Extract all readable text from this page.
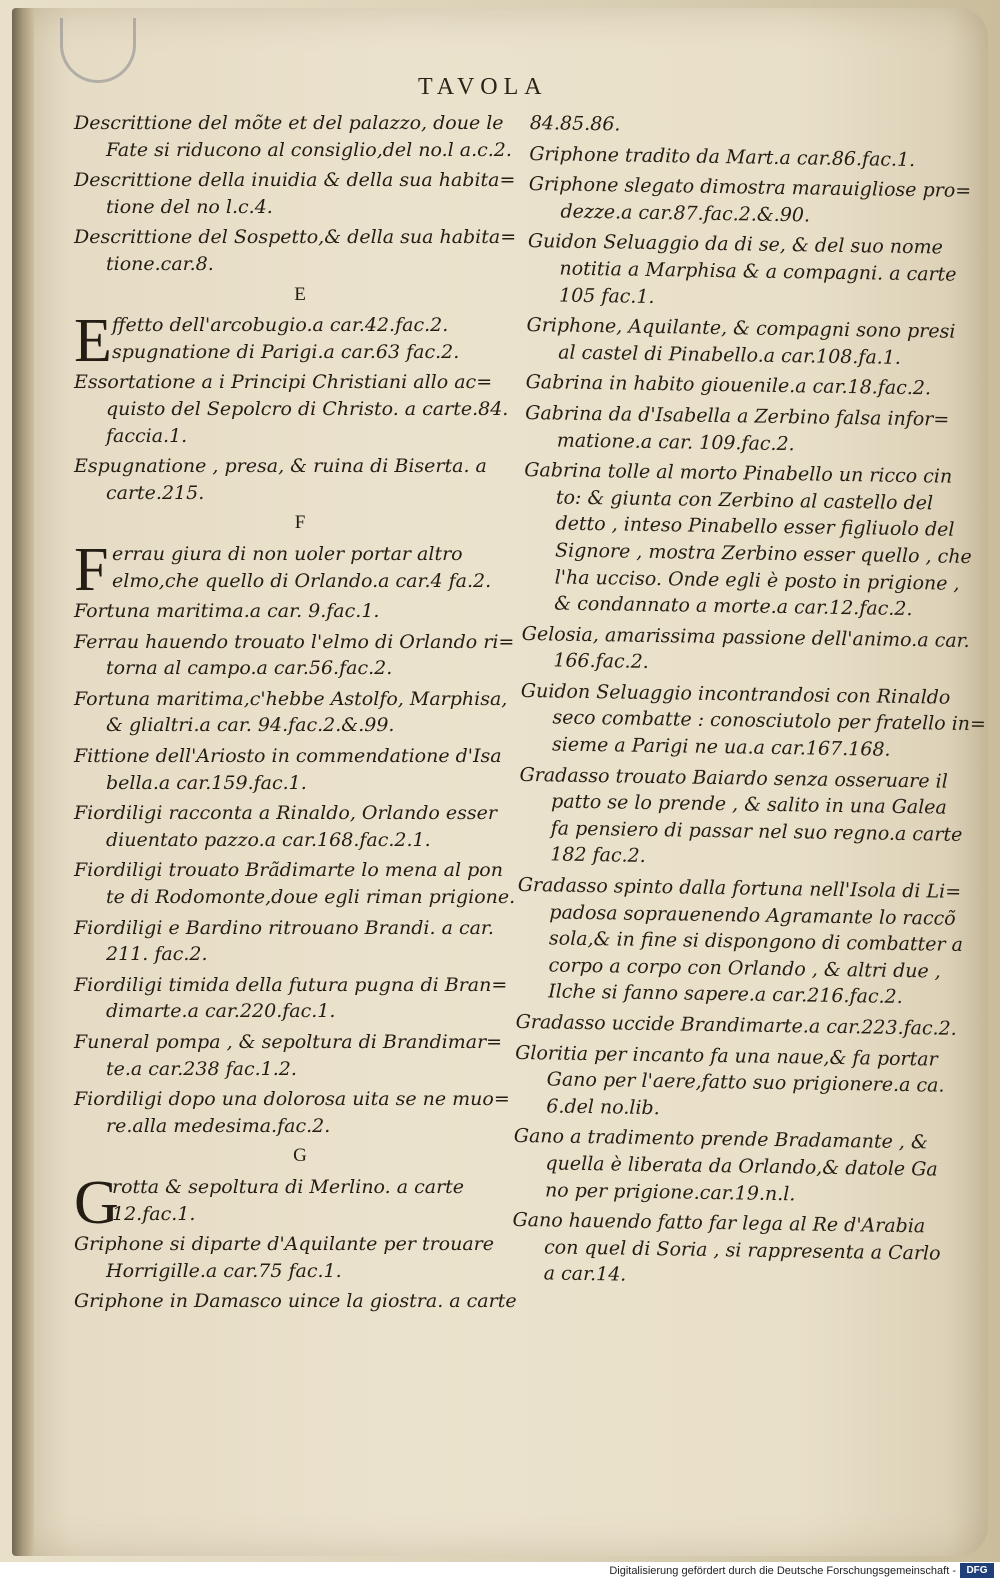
TAVOLA
Descrittione del mõte et del palazzo, doue le
Fate si riducono al consiglio,del no.l a.c.2.
Descrittione della inuidia & della sua habita=
tione del no l.c.4.
Descrittione del Sospetto,& della sua habita=
tione.car.8.
E
E ffetto dell'arcobugio.a car.42.fac.2.
spugnatione di Parigi.a car.63 fac.2.
Essortatione a i Principi Christiani allo ac=
quisto del Sepolcro di Christo. a carte.84.
faccia.1.
Espugnatione , presa, & ruina di Biserta. a
carte.215.
F
F errau giura di non uoler portar altro
elmo,che quello di Orlando.a car.4 fa.2.
Fortuna maritima.a car. 9.fac.1.
Ferrau hauendo trouato l'elmo di Orlando ri=
torna al campo.a car.56.fac.2.
Fortuna maritima,c'hebbe Astolfo, Marphisa,
& glialtri.a car. 94.fac.2.&.99.
Fittione dell'Ariosto in commendatione d'Isa
bella.a car.159.fac.1.
Fiordiligi racconta a Rinaldo, Orlando esser
diuentato pazzo.a car.168.fac.2.1.
Fiordiligi trouato Brãdimarte lo mena al pon
te di Rodomonte,doue egli riman prigione.
Fiordiligi e Bardino ritrouano Brandi. a car.
211. fac.2.
Fiordiligi timida della futura pugna di Bran=
dimarte.a car.220.fac.1.
Funeral pompa , & sepoltura di Brandimar=
te.a car.238 fac.1.2.
Fiordiligi dopo una dolorosa uita se ne muo=
re.alla medesima.fac.2.
G
G
rotta & sepoltura di Merlino. a carte
12.fac.1.
Griphone si diparte d'Aquilante per trouare
Horrigille.a car.75 fac.1.
Griphone in Damasco uince la giostra. a carte
84.85.86.
Griphone tradito da Mart.a car.86.fac.1.
Griphone slegato dimostra marauigliose pro=
dezze.a car.87.fac.2.&.90.
Guidon Seluaggio da di se, & del suo nome
notitia a Marphisa & a compagni. a carte
105 fac.1.
Griphone, Aquilante, & compagni sono presi
al castel di Pinabello.a car.108.fa.1.
Gabrina in habito giouenile.a car.18.fac.2.
Gabrina da d'Isabella a Zerbino falsa infor=
matione.a car. 109.fac.2.
Gabrina tolle al morto Pinabello un ricco cin
to: & giunta con Zerbino al castello del
detto , inteso Pinabello esser figliuolo del
Signore , mostra Zerbino esser quello , che
l'ha ucciso. Onde egli è posto in prigione ,
& condannato a morte.a car.12.fac.2.
Gelosia, amarissima passione dell'animo.a car.
166.fac.2.
Guidon Seluaggio incontrandosi con Rinaldo
seco combatte : conosciutolo per fratello in=
sieme a Parigi ne ua.a car.167.168.
Gradasso trouato Baiardo senza osseruare il
patto se lo prende , & salito in una Galea
fa pensiero di passar nel suo regno.a carte
182 fac.2.
Gradasso spinto dalla fortuna nell'Isola di Li=
padosa soprauenendo Agramante lo raccõ
sola,& in fine si dispongono di combatter a
corpo a corpo con Orlando , & altri due ,
Ilche si fanno sapere.a car.216.fac.2.
Gradasso uccide Brandimarte.a car.223.fac.2.
Gloritia per incanto fa una naue,& fa portar
Gano per l'aere,fatto suo prigionere.a ca.
6.del no.lib.
Gano a tradimento prende Bradamante , &
quella è liberata da Orlando,& datole Ga
no per prigione.car.19.n.l.
Gano hauendo fatto far lega al Re d'Arabia
con quel di Soria , si rappresenta a Carlo
a car.14.
Digitalisierung gefördert durch die Deutsche Forschungsgemeinschaft -	DFG
